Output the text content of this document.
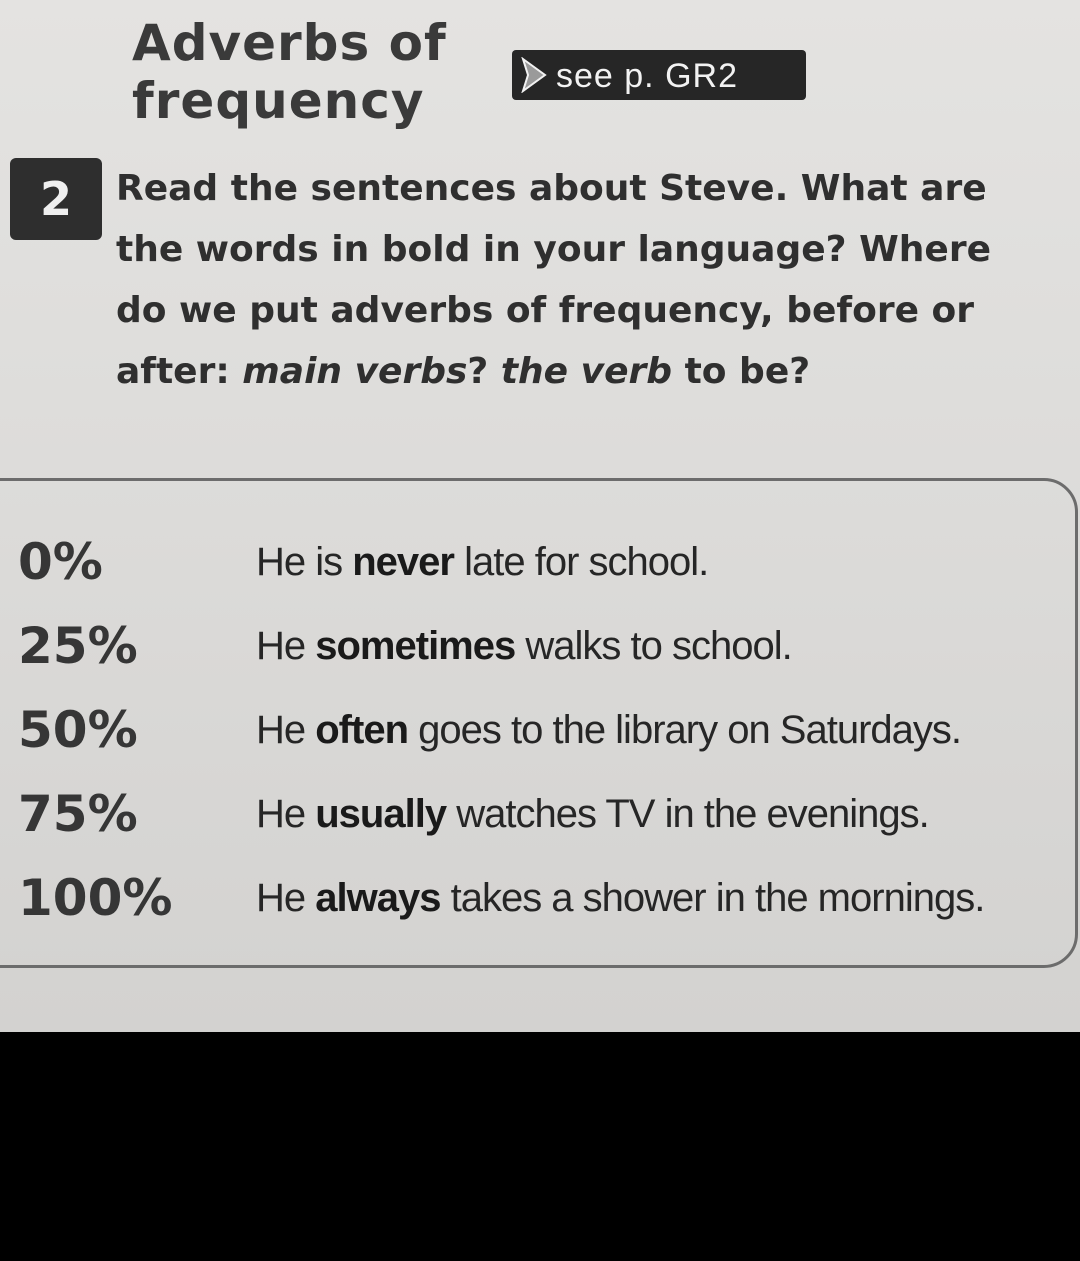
Adverbs of
frequency	see p. GR2
2	Read the sentences about Steve. What are

the words in bold in your language? Where

do we put adverbs of frequency, before or

after: main verbs? the verb to be?

0%	He is never late for school.
25%	He sometimes walks to school.
50%	He often goes to the library on Saturdays.
75%	He usually watches TV in the evenings.
100%	He always takes a shower in the mornings.
